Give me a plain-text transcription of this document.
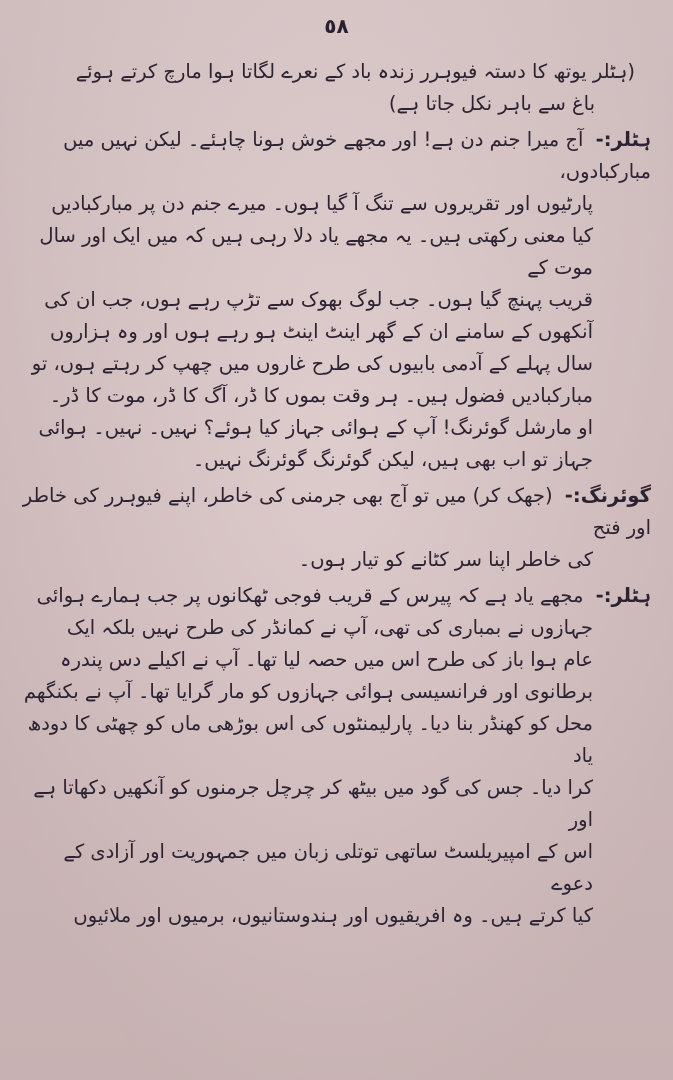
٥٨
(ہٹلر یوتھ کا دستہ فیوہرر زندہ باد کے نعرے لگاتا ہوا مارچ کرتے ہوئے
باغ سے باہر نکل جاتا ہے)
ہٹلر:- آج میرا جنم دن ہے! اور مجھے خوش ہونا چاہئے۔ لیکن نہیں میں مبارکبادوں،
پارٹیوں اور تقریروں سے تنگ آ گیا ہوں۔ میرے جنم دن پر مبارکبادیں
کیا معنی رکھتی ہیں۔ یہ مجھے یاد دلا رہی ہیں کہ میں ایک اور سال موت کے
قریب پہنچ گیا ہوں۔ جب لوگ بھوک سے تڑپ رہے ہوں، جب ان کی
آنکھوں کے سامنے ان کے گھر اینٹ اینٹ ہو رہے ہوں اور وہ ہزاروں
سال پہلے کے آدمی بابیوں کی طرح غاروں میں چھپ کر رہتے ہوں، تو
مبارکبادیں فضول ہیں۔ ہر وقت بموں کا ڈر، آگ کا ڈر، موت کا ڈر۔
او مارشل گوئرنگ! آپ کے ہوائی جہاز کیا ہوئے؟ نہیں۔ نہیں۔ ہوائی
جہاز تو اب بھی ہیں، لیکن گوئرنگ گوئرنگ نہیں۔
گوئرنگ:- (جھک کر) میں تو آج بھی جرمنی کی خاطر، اپنے فیوہرر کی خاطر اور فتح
کی خاطر اپنا سر کٹانے کو تیار ہوں۔
ہٹلر:- مجھے یاد ہے کہ پیرس کے قریب فوجی ٹھکانوں پر جب ہمارے ہوائی
جہازوں نے بمباری کی تھی، آپ نے کمانڈر کی طرح نہیں بلکہ ایک
عام ہوا باز کی طرح اس میں حصہ لیا تھا۔ آپ نے اکیلے دس پندرہ
برطانوی اور فرانسیسی ہوائی جہازوں کو مار گرایا تھا۔ آپ نے بکنگھم
محل کو کھنڈر بنا دیا۔ پارلیمنٹوں کی اس بوڑھی ماں کو چھٹی کا دودھ یاد
کرا دیا۔ جس کی گود میں بیٹھ کر چرچل جرمنوں کو آنکھیں دکھاتا ہے اور
اس کے امپیریلسٹ ساتھی توتلی زبان میں جمہوریت اور آزادی کے دعوے
کیا کرتے ہیں۔ وہ افریقیوں اور ہندوستانیوں، برمیوں اور ملائیوں
